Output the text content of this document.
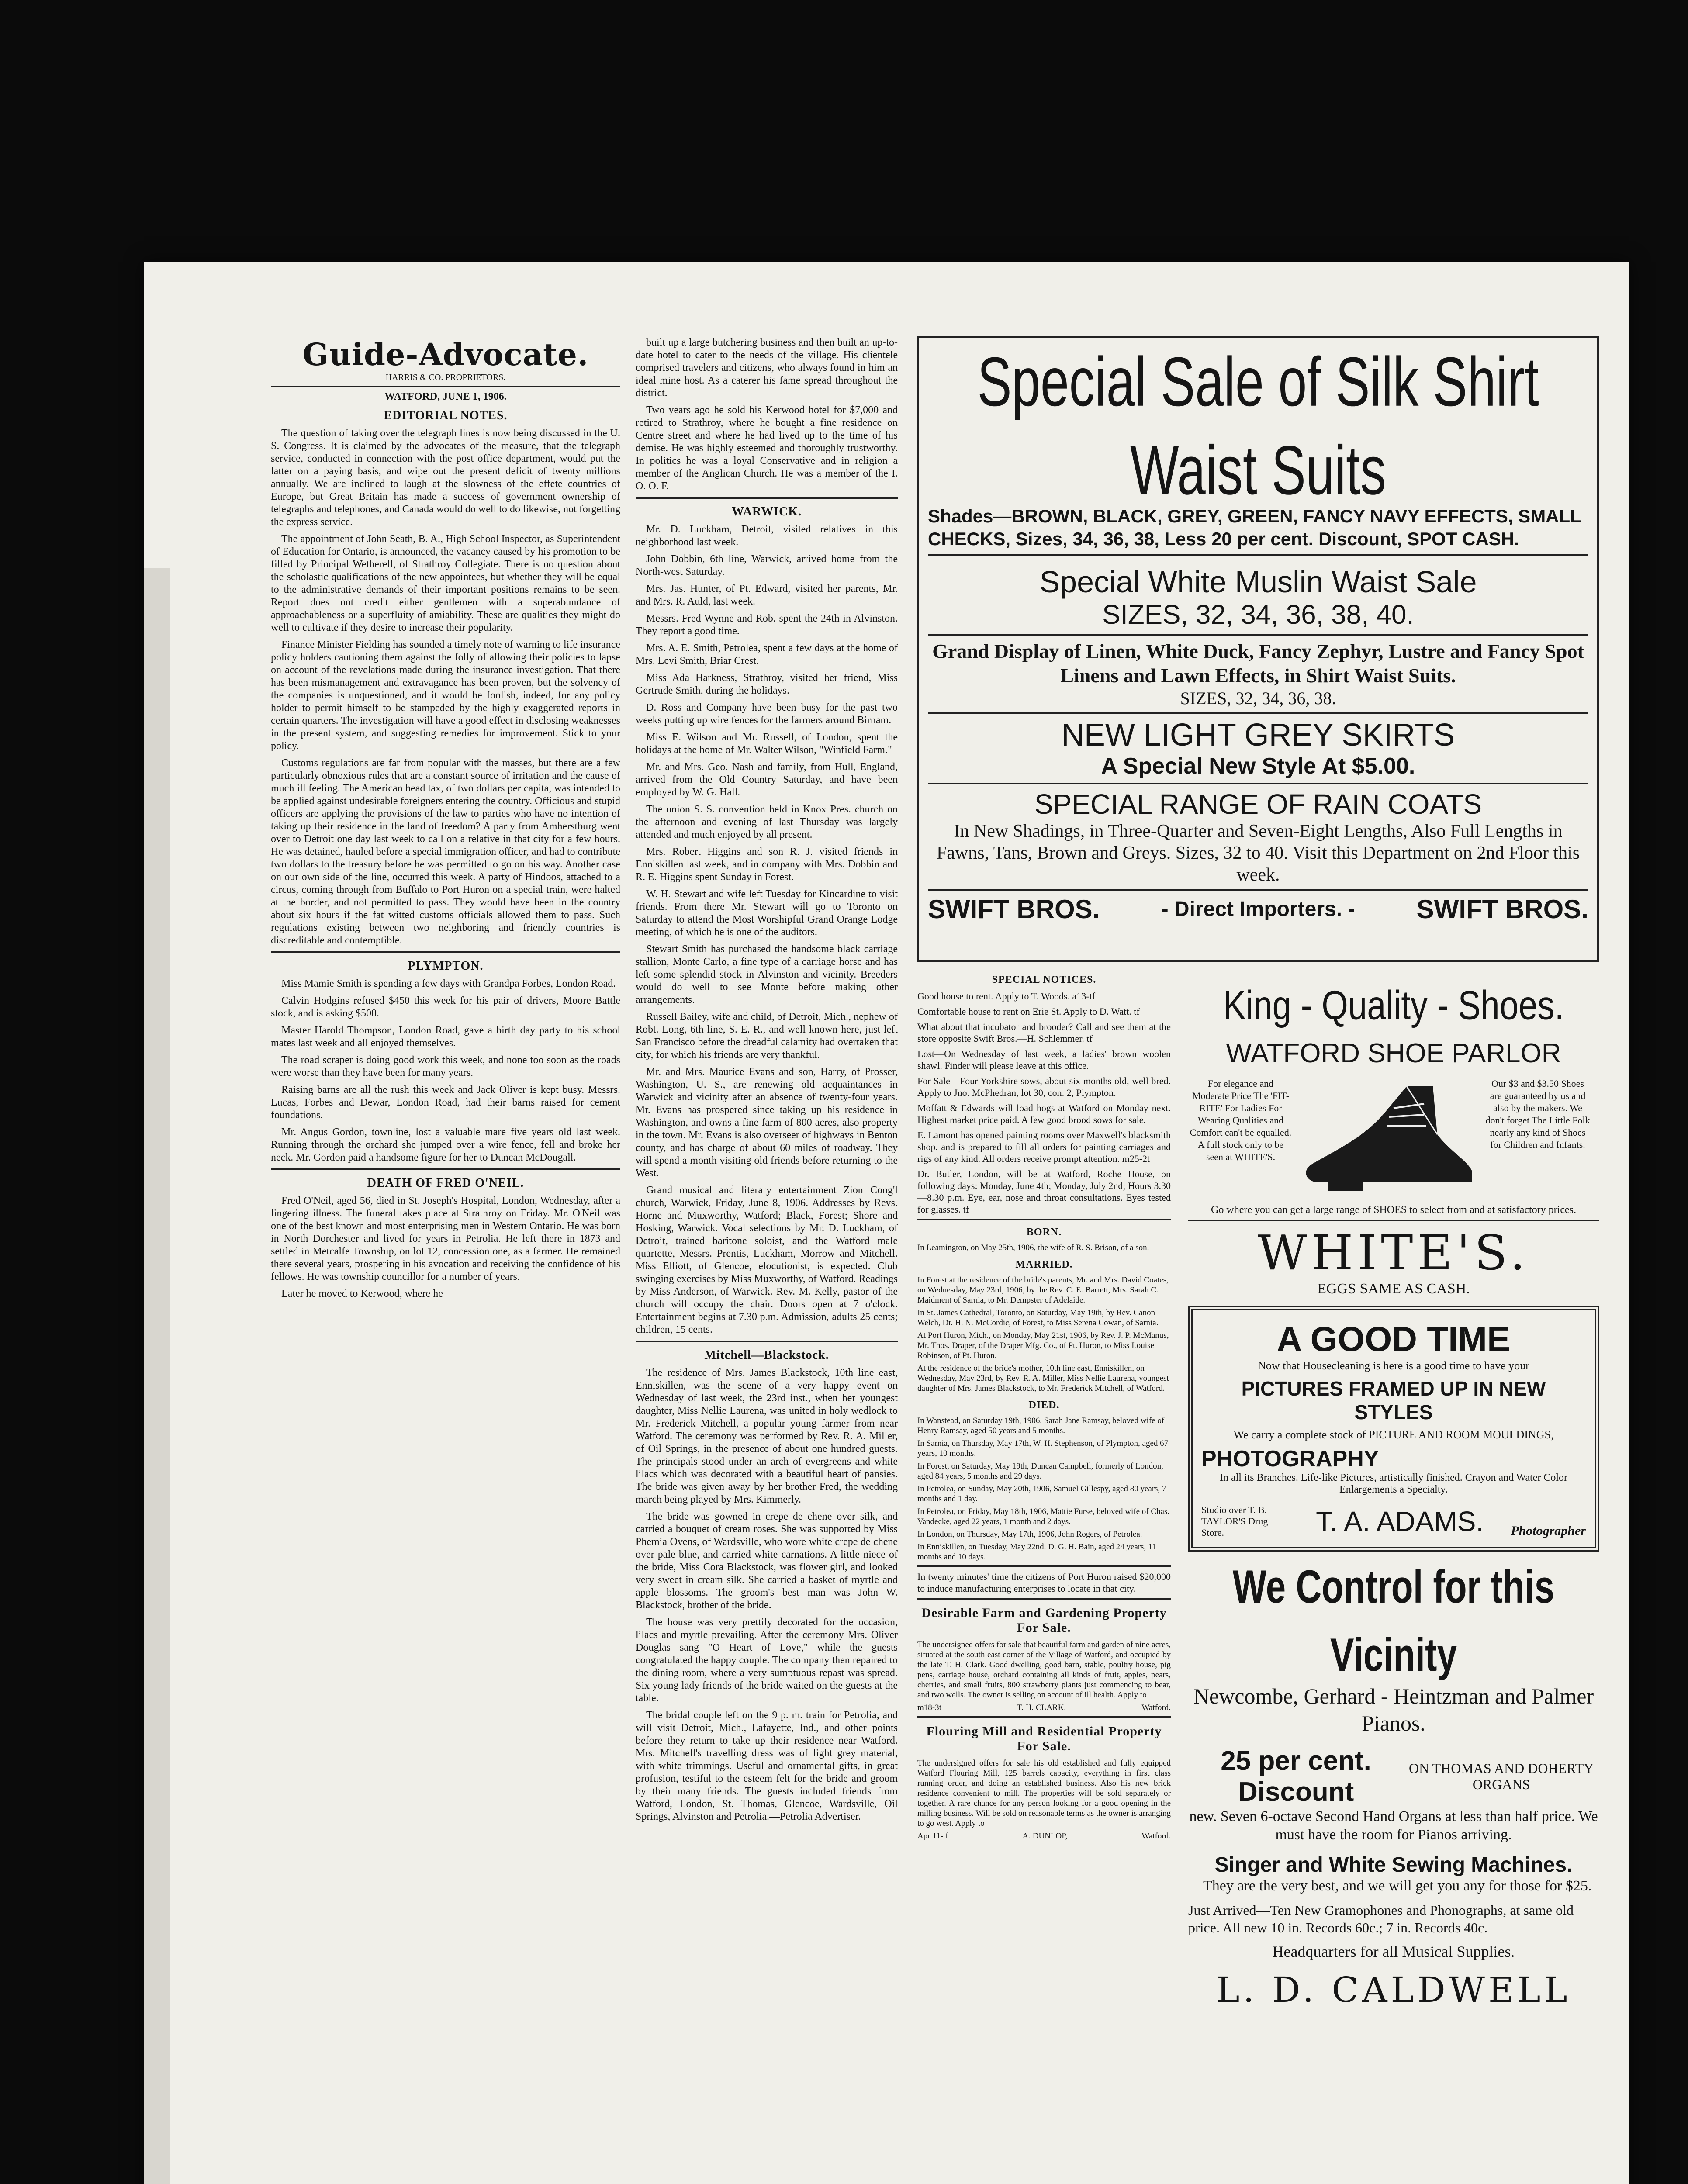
Guide-Advocate.
HARRIS & CO. PROPRIETORS.
WATFORD, JUNE 1, 1906.
EDITORIAL NOTES.

The question of taking over the telegraph lines is now being discussed in the U. S. Congress. It is claimed by the advocates of the measure, that the telegraph service, conducted in connection with the post office department, would put the latter on a paying basis, and wipe out the present deficit of twenty millions annually. We are inclined to laugh at the slowness of the effete countries of Europe, but Great Britain has made a success of government ownership of telegraphs and telephones, and Canada would do well to do likewise, not forgetting the express service.

The appointment of John Seath, B. A., High School Inspector, as Superintendent of Education for Ontario, is announced, the vacancy caused by his promotion to be filled by Principal Wetherell, of Strathroy Collegiate. There is no question about the scholastic qualifications of the new appointees, but whether they will be equal to the administrative demands of their important positions remains to be seen. Report does not credit either gentlemen with a superabundance of approachableness or a superfluity of amiability. These are qualities they might do well to cultivate if they desire to increase their popularity.

Finance Minister Fielding has sounded a timely note of warning to life insurance policy holders cautioning them against the folly of allowing their policies to lapse on account of the revelations made during the insurance investigation. That there has been mismanagement and extravagance has been proven, but the solvency of the companies is unquestioned, and it would be foolish, indeed, for any policy holder to permit himself to be stampeded by the highly exaggerated reports in certain quarters. The investigation will have a good effect in disclosing weaknesses in the present system, and suggesting remedies for improvement. Stick to your policy.

Customs regulations are far from popular with the masses, but there are a few particularly obnoxious rules that are a constant source of irritation and the cause of much ill feeling. The American head tax, of two dollars per capita, was intended to be applied against undesirable foreigners entering the country. Officious and stupid officers are applying the provisions of the law to parties who have no intention of taking up their residence in the land of freedom? A party from Amherstburg went over to Detroit one day last week to call on a relative in that city for a few hours. He was detained, hauled before a special immigration officer, and had to contribute two dollars to the treasury before he was permitted to go on his way. Another case on our own side of the line, occurred this week. A party of Hindoos, attached to a circus, coming through from Buffalo to Port Huron on a special train, were halted at the border, and not permitted to pass. They would have been in the country about six hours if the fat witted customs officials allowed them to pass. Such regulations existing between two neighboring and friendly countries is discreditable and contemptible.

PLYMPTON.

Miss Mamie Smith is spending a few days with Grandpa Forbes, London Road.

Calvin Hodgins refused $450 this week for his pair of drivers, Moore Battle stock, and is asking $500.

Master Harold Thompson, London Road, gave a birth day party to his school mates last week and all enjoyed themselves.

The road scraper is doing good work this week, and none too soon as the roads were worse than they have been for many years.

Raising barns are all the rush this week and Jack Oliver is kept busy. Messrs. Lucas, Forbes and Dewar, London Road, had their barns raised for cement foundations.

Mr. Angus Gordon, townline, lost a valuable mare five years old last week. Running through the orchard she jumped over a wire fence, fell and broke her neck. Mr. Gordon paid a handsome figure for her to Duncan McDougall.

DEATH OF FRED O'NEIL.

Fred O'Neil, aged 56, died in St. Joseph's Hospital, London, Wednesday, after a lingering illness. The funeral takes place at Strathroy on Friday. Mr. O'Neil was one of the best known and most enterprising men in Western Ontario. He was born in North Dorchester and lived for years in Petrolia. He left there in 1873 and settled in Metcalfe Township, on lot 12, concession one, as a farmer. He remained there several years, prospering in his avocation and receiving the confidence of his fellows. He was township councillor for a number of years.

Later he moved to Kerwood, where he

built up a large butchering business and then built an up-to-date hotel to cater to the needs of the village. His clientele comprised travelers and citizens, who always found in him an ideal mine host. As a caterer his fame spread throughout the district.

Two years ago he sold his Kerwood hotel for $7,000 and retired to Strathroy, where he bought a fine residence on Centre street and where he had lived up to the time of his demise. He was highly esteemed and thoroughly trustworthy. In politics he was a loyal Conservative and in religion a member of the Anglican Church. He was a member of the I. O. O. F.

WARWICK.

Mr. D. Luckham, Detroit, visited relatives in this neighborhood last week.

John Dobbin, 6th line, Warwick, arrived home from the North-west Saturday.

Mrs. Jas. Hunter, of Pt. Edward, visited her parents, Mr. and Mrs. R. Auld, last week.

Messrs. Fred Wynne and Rob. spent the 24th in Alvinston. They report a good time.

Mrs. A. E. Smith, Petrolea, spent a few days at the home of Mrs. Levi Smith, Briar Crest.

Miss Ada Harkness, Strathroy, visited her friend, Miss Gertrude Smith, during the holidays.

D. Ross and Company have been busy for the past two weeks putting up wire fences for the farmers around Birnam.

Miss E. Wilson and Mr. Russell, of London, spent the holidays at the home of Mr. Walter Wilson, "Winfield Farm."

Mr. and Mrs. Geo. Nash and family, from Hull, England, arrived from the Old Country Saturday, and have been employed by W. G. Hall.

The union S. S. convention held in Knox Pres. church on the afternoon and evening of last Thursday was largely attended and much enjoyed by all present.

Mrs. Robert Higgins and son R. J. visited friends in Enniskillen last week, and in company with Mrs. Dobbin and R. E. Higgins spent Sunday in Forest.

W. H. Stewart and wife left Tuesday for Kincardine to visit friends. From there Mr. Stewart will go to Toronto on Saturday to attend the Most Worshipful Grand Orange Lodge meeting, of which he is one of the auditors.

Stewart Smith has purchased the handsome black carriage stallion, Monte Carlo, a fine type of a carriage horse and has left some splendid stock in Alvinston and vicinity. Breeders would do well to see Monte before making other arrangements.

Russell Bailey, wife and child, of Detroit, Mich., nephew of Robt. Long, 6th line, S. E. R., and well-known here, just left San Francisco before the dreadful calamity had overtaken that city, for which his friends are very thankful.

Mr. and Mrs. Maurice Evans and son, Harry, of Prosser, Washington, U. S., are renewing old acquaintances in Warwick and vicinity after an absence of twenty-four years. Mr. Evans has prospered since taking up his residence in Washington, and owns a fine farm of 800 acres, also property in the town. Mr. Evans is also overseer of highways in Benton county, and has charge of about 60 miles of roadway. They will spend a month visiting old friends before returning to the West.

Grand musical and literary entertainment Zion Cong'l church, Warwick, Friday, June 8, 1906. Addresses by Revs. Horne and Muxworthy, Watford; Black, Forest; Shore and Hosking, Warwick. Vocal selections by Mr. D. Luckham, of Detroit, trained baritone soloist, and the Watford male quartette, Messrs. Prentis, Luckham, Morrow and Mitchell. Miss Elliott, of Glencoe, elocutionist, is expected. Club swinging exercises by Miss Muxworthy, of Watford. Readings by Miss Anderson, of Warwick. Rev. M. Kelly, pastor of the church will occupy the chair. Doors open at 7 o'clock. Entertainment begins at 7.30 p.m. Admission, adults 25 cents; children, 15 cents.

Mitchell—Blackstock.

The residence of Mrs. James Blackstock, 10th line east, Enniskillen, was the scene of a very happy event on Wednesday of last week, the 23rd inst., when her youngest daughter, Miss Nellie Laurena, was united in holy wedlock to Mr. Frederick Mitchell, a popular young farmer from near Watford. The ceremony was performed by Rev. R. A. Miller, of Oil Springs, in the presence of about one hundred guests. The principals stood under an arch of evergreens and white lilacs which was decorated with a beautiful heart of pansies. The bride was given away by her brother Fred, the wedding march being played by Mrs. Kimmerly.

The bride was gowned in crepe de chene over silk, and carried a bouquet of cream roses. She was supported by Miss Phemia Ovens, of Wardsville, who wore white crepe de chene over pale blue, and carried white carnations. A little niece of the bride, Miss Cora Blackstock, was flower girl, and looked very sweet in cream silk. She carried a basket of myrtle and apple blossoms. The groom's best man was John W. Blackstock, brother of the bride.

The house was very prettily decorated for the occasion, lilacs and myrtle prevailing. After the ceremony Mrs. Oliver Douglas sang "O Heart of Love," while the guests congratulated the happy couple. The company then repaired to the dining room, where a very sumptuous repast was spread. Six young lady friends of the bride waited on the guests at the table.

The bridal couple left on the 9 p. m. train for Petrolia, and will visit Detroit, Mich., Lafayette, Ind., and other points before they return to take up their residence near Watford. Mrs. Mitchell's travelling dress was of light grey material, with white trimmings. Useful and ornamental gifts, in great profusion, testiful to the esteem felt for the bride and groom by their many friends. The guests included friends from Watford, London, St. Thomas, Glencoe, Wardsville, Oil Springs, Alvinston and Petrolia.—Petrolia Advertiser.

Special Sale of Silk Shirt Waist Suits
Shades—BROWN, BLACK, GREY, GREEN, FANCY NAVY EFFECTS, SMALL CHECKS, Sizes, 34, 36, 38, Less 20 per cent. Discount, SPOT CASH.
Special White Muslin Waist Sale
SIZES, 32, 34, 36, 38, 40.
Grand Display of Linen, White Duck, Fancy Zephyr, Lustre and Fancy Spot Linens and Lawn Effects, in Shirt Waist Suits.
SIZES, 32, 34, 36, 38.
NEW LIGHT GREY SKIRTS
A Special New Style At $5.00.
SPECIAL RANGE OF RAIN COATS
In New Shadings, in Three-Quarter and Seven-Eight Lengths, Also Full Lengths in Fawns, Tans, Brown and Greys. Sizes, 32 to 40. Visit this Department on 2nd Floor this week.
SWIFT BROS.	- Direct Importers. - SWIFT BROS.
SPECIAL NOTICES.
Good house to rent. Apply to T. Woods. a13-tf
Comfortable house to rent on Erie St. Apply to D. Watt. tf
What about that incubator and brooder? Call and see them at the store opposite Swift Bros.—H. Schlemmer. tf
Lost—On Wednesday of last week, a ladies' brown woolen shawl. Finder will please leave at this office.
For Sale—Four Yorkshire sows, about six months old, well bred. Apply to Jno. McPhedran, lot 30, con. 2, Plympton.
Moffatt & Edwards will load hogs at Watford on Monday next. Highest market price paid. A few good brood sows for sale.
E. Lamont has opened painting rooms over Maxwell's blacksmith shop, and is prepared to fill all orders for painting carriages and rigs of any kind. All orders receive prompt attention. m25-2t
Dr. Butler, London, will be at Watford, Roche House, on following days: Monday, June 4th; Monday, July 2nd; Hours 3.30—8.30 p.m. Eye, ear, nose and throat consultations. Eyes tested for glasses. tf
BORN.
In Leamington, on May 25th, 1906, the wife of R. S. Brison, of a son.
MARRIED.
In Forest at the residence of the bride's parents, Mr. and Mrs. David Coates, on Wednesday, May 23rd, 1906, by the Rev. C. E. Barrett, Mrs. Sarah C. Maidment of Sarnia, to Mr. Dempster of Adelaide.
In St. James Cathedral, Toronto, on Saturday, May 19th, by Rev. Canon Welch, Dr. H. N. McCordic, of Forest, to Miss Serena Cowan, of Sarnia.
At Port Huron, Mich., on Monday, May 21st, 1906, by Rev. J. P. McManus, Mr. Thos. Draper, of the Draper Mfg. Co., of Pt. Huron, to Miss Louise Robinson, of Pt. Huron.
At the residence of the bride's mother, 10th line east, Enniskillen, on Wednesday, May 23rd, by Rev. R. A. Miller, Miss Nellie Laurena, youngest daughter of Mrs. James Blackstock, to Mr. Frederick Mitchell, of Watford.
DIED.
In Wanstead, on Saturday 19th, 1906, Sarah Jane Ramsay, beloved wife of Henry Ramsay, aged 50 years and 5 months.
In Sarnia, on Thursday, May 17th, W. H. Stephenson, of Plympton, aged 67 years, 10 months.
In Forest, on Saturday, May 19th, Duncan Campbell, formerly of London, aged 84 years, 5 months and 29 days.
In Petrolea, on Sunday, May 20th, 1906, Samuel Gillespy, aged 80 years, 7 months and 1 day.
In Petrolea, on Friday, May 18th, 1906, Mattie Furse, beloved wife of Chas. Vandecke, aged 22 years, 1 month and 2 days.
In London, on Thursday, May 17th, 1906, John Rogers, of Petrolea.
In Enniskillen, on Tuesday, May 22nd. D. G. H. Bain, aged 24 years, 11 months and 10 days.
In twenty minutes' time the citizens of Port Huron raised $20,000 to induce manufacturing enterprises to locate in that city.
Desirable Farm and Gardening Property For Sale.
The undersigned offers for sale that beautiful farm and garden of nine acres, situated at the south east corner of the Village of Watford, and occupied by the late T. H. Clark. Good dwelling, good barn, stable, poultry house, pig pens, carriage house, orchard containing all kinds of fruit, apples, pears, cherries, and small fruits, 800 strawberry plants just commencing to bear, and two wells. The owner is selling on account of ill health. Apply to
m18-3t	T. H. CLARK,	Watford.
Flouring Mill and Residential Property For Sale.
The undersigned offers for sale his old established and fully equipped Watford Flouring Mill, 125 barrels capacity, everything in first class running order, and doing an established business. Also his new brick residence convenient to mill. The properties will be sold separately or together. A rare chance for any person looking for a good opening in the milling business. Will be sold on reasonable terms as the owner is arranging to go west. Apply to
Apr 11-tf	A. DUNLOP,	Watford.
King - Quality - Shoes.
WATFORD SHOE PARLOR
For elegance and Moderate Price The 'FIT-RITE' For Ladies For Wearing Qualities and Comfort can't be equalled. A full stock only to be seen at WHITE'S.
Our $3 and $3.50 Shoes are guaranteed by us and also by the makers. We don't forget The Little Folk nearly any kind of Shoes for Children and Infants.
Go where you can get a large range of SHOES to select from and at satisfactory prices.
WHITE'S.
EGGS SAME AS CASH.
A GOOD TIME
Now that Housecleaning is here is a good time to have your
PICTURES FRAMED UP IN NEW STYLES
We carry a complete stock of PICTURE AND ROOM MOULDINGS,
PHOTOGRAPHY
In all its Branches. Life-like Pictures, artistically finished. Crayon and Water Color Enlargements a Specialty.
Studio over T. B. TAYLOR'S Drug Store.	T. A. ADAMS. Photographer
We Control for this Vicinity
Newcombe, Gerhard - Heintzman and Palmer Pianos.
25 per cent. Discount
ON THOMAS AND DOHERTY ORGANS
new. Seven 6-octave Second Hand Organs at less than half price. We must have the room for Pianos arriving.
Singer and White Sewing Machines.
—They are the very best, and we will get you any for those for $25.
Just Arrived—Ten New Gramophones and Phonographs, at same old price. All new 10 in. Records 60c.; 7 in. Records 40c.
Headquarters for all Musical Supplies.
L. D. CALDWELL
